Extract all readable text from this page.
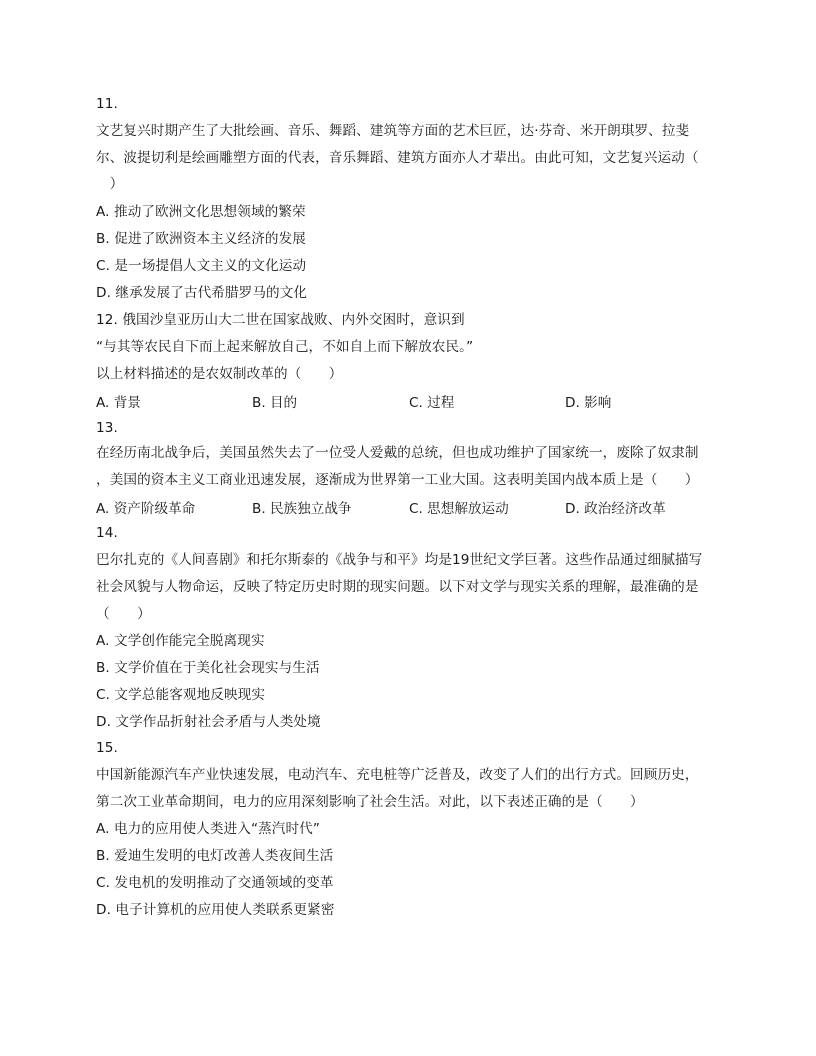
11.
文艺复兴时期产生了大批绘画、音乐、舞蹈、建筑等方面的艺术巨匠，达·芬奇、米开朗琪罗、拉斐
尔、波提切利是绘画雕塑方面的代表，音乐舞蹈、建筑方面亦人才辈出。由此可知，文艺复兴运动（
　）
A. 推动了欧洲文化思想领域的繁荣
B. 促进了欧洲资本主义经济的发展
C. 是一场提倡人文主义的文化运动
D. 继承发展了古代希腊罗马的文化
12. 俄国沙皇亚历山大二世在国家战败、内外交困时，意识到
“与其等农民自下而上起来解放自己，不如自上而下解放农民。”
以上材料描述的是农奴制改革的（　　）
A. 背景	B. 目的	C. 过程	D. 影响
13.
在经历南北战争后，美国虽然失去了一位受人爱戴的总统，但也成功维护了国家统一，废除了奴隶制
，美国的资本主义工商业迅速发展，逐渐成为世界第一工业大国。这表明美国内战本质上是（　　）
A. 资产阶级革命	B. 民族独立战争	C. 思想解放运动	D. 政治经济改革
14.
巴尔扎克的《人间喜剧》和托尔斯泰的《战争与和平》均是19世纪文学巨著。这些作品通过细腻描写
社会风貌与人物命运，反映了特定历史时期的现实问题。以下对文学与现实关系的理解，最准确的是
（　　）
A. 文学创作能完全脱离现实
B. 文学价值在于美化社会现实与生活
C. 文学总能客观地反映现实
D. 文学作品折射社会矛盾与人类处境
15.
中国新能源汽车产业快速发展，电动汽车、充电桩等广泛普及，改变了人们的出行方式。回顾历史，
第二次工业革命期间，电力的应用深刻影响了社会生活。对此，以下表述正确的是（　　）
A. 电力的应用使人类进入“蒸汽时代”
B. 爱迪生发明的电灯改善人类夜间生活
C. 发电机的发明推动了交通领域的变革
D. 电子计算机的应用使人类联系更紧密
